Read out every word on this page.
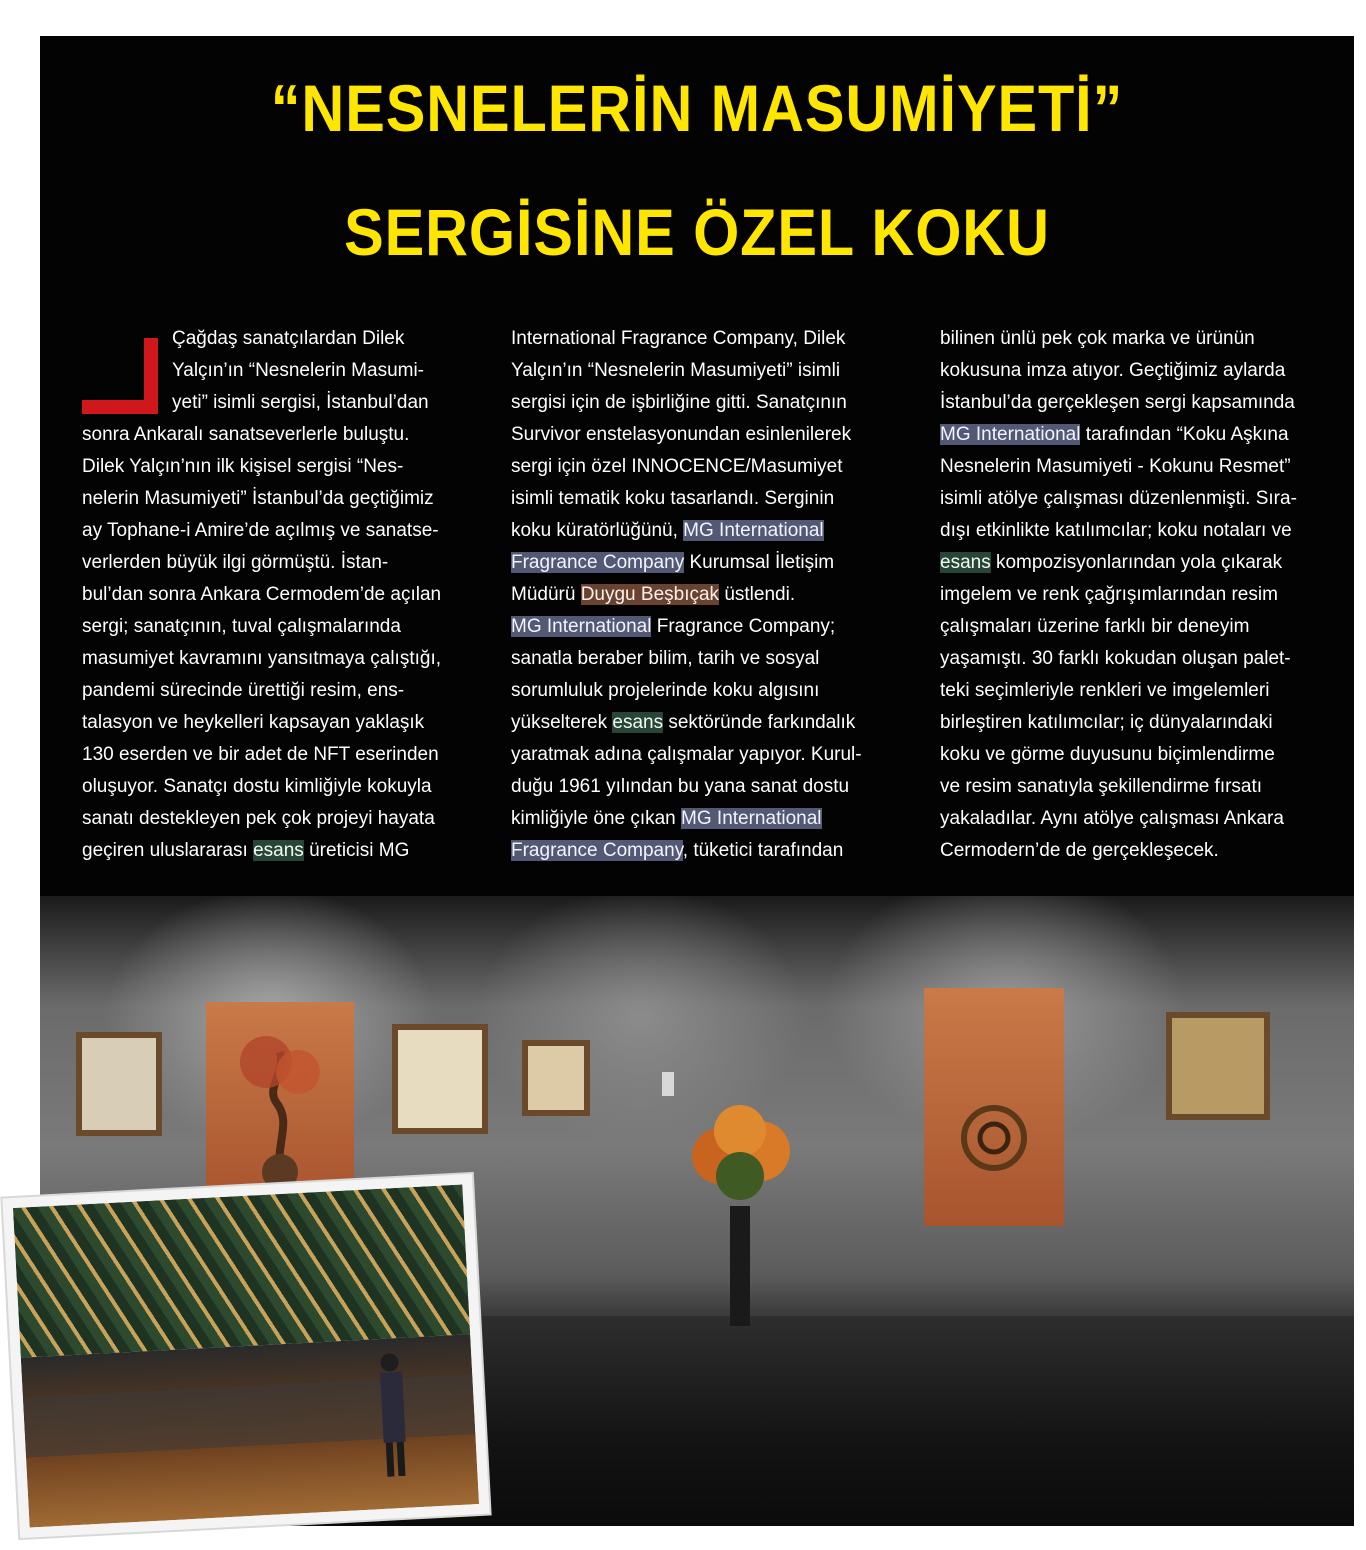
“NESNELERİN MASUMİYETİ”
SERGİSİNE ÖZEL KOKU
Çağdaş sanatçılardan Dilek
Yalçın’ın “Nesnelerin Masumi-
yeti” isimli sergisi, İstanbul’dan
sonra Ankaralı sanatseverlerle buluştu.
Dilek Yalçın’nın ilk kişisel sergisi “Nes-
nelerin Masumiyeti” İstanbul’da geçtiğimiz
ay Tophane-i Amire’de açılmış ve sanatse-
verlerden büyük ilgi görmüştü. İstan-
bul’dan sonra Ankara Cermodem’de açılan
sergi; sanatçının, tuval çalışmalarında
masumiyet kavramını yansıtmaya çalıştığı,
pandemi sürecinde ürettiği resim, ens-
talasyon ve heykelleri kapsayan yaklaşık
130 eserden ve bir adet de NFT eserinden
oluşuyor. Sanatçı dostu kimliğiyle kokuyla
sanatı destekleyen pek çok projeyi hayata
geçiren uluslararası esans üreticisi MG
International Fragrance Company, Dilek
Yalçın’ın “Nesnelerin Masumiyeti” isimli
sergisi için de işbirliğine gitti. Sanatçının
Survivor enstelasyonundan esinlenilerek
sergi için özel INNOCENCE/Masumiyet
isimli tematik koku tasarlandı. Serginin
koku küratörlüğünü, MG International
Fragrance Company Kurumsal İletişim
Müdürü Duygu Beşbıçak üstlendi.
MG International Fragrance Company;
sanatla beraber bilim, tarih ve sosyal
sorumluluk projelerinde koku algısını
yükselterek esans sektöründe farkındalık
yaratmak adına çalışmalar yapıyor. Kurul-
duğu 1961 yılından bu yana sanat dostu
kimliğiyle öne çıkan MG International
Fragrance Company, tüketici tarafından
bilinen ünlü pek çok marka ve ürünün
kokusuna imza atıyor. Geçtiğimiz aylarda
İstanbul’da gerçekleşen sergi kapsamında
MG International tarafından “Koku Aşkına
Nesnelerin Masumiyeti - Kokunu Resmet”
isimli atölye çalışması düzenlenmişti. Sıra-
dışı etkinlikte katılımcılar; koku notaları ve
esans kompozisyonlarından yola çıkarak
imgelem ve renk çağrışımlarından resim
çalışmaları üzerine farklı bir deneyim
yaşamıştı. 30 farklı kokudan oluşan palet-
teki seçimleriyle renkleri ve imgelemleri
birleştiren katılımcılar; iç dünyalarındaki
koku ve görme duyusunu biçimlendirme
ve resim sanatıyla şekillendirme fırsatı
yakaladılar. Aynı atölye çalışması Ankara
Cermodern’de de gerçekleşecek.
